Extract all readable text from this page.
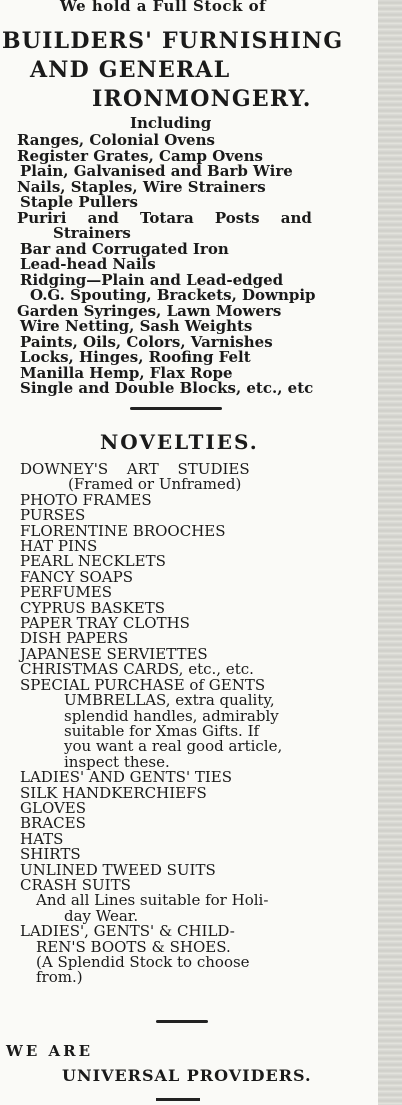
We hold a Full Stock of
BUILDERS' FURNISHING
AND GENERAL
IRONMONGERY.
Including
Ranges, Colonial Ovens
Register Grates, Camp Ovens
Plain, Galvanised and Barb Wire
Nails, Staples, Wire Strainers
Staple Pullers
Puriri and Totara Posts and
Strainers
Bar and Corrugated Iron
Lead-head Nails
Ridging—Plain and Lead-edged
O.G. Spouting, Brackets, Downpip
Garden Syringes, Lawn Mowers
Wire Netting, Sash Weights
Paints, Oils, Colors, Varnishes
Locks, Hinges, Roofing Felt
Manilla Hemp, Flax Rope
Single and Double Blocks, etc., etc
NOVELTIES.
DOWNEY'S ART STUDIES
(Framed or Unframed)
PHOTO FRAMES
PURSES
FLORENTINE BROOCHES
HAT PINS
PEARL NECKLETS
FANCY SOAPS
PERFUMES
CYPRUS BASKETS
PAPER TRAY CLOTHS
DISH PAPERS
JAPANESE SERVIETTES
CHRISTMAS CARDS, etc., etc.
SPECIAL PURCHASE of GENTS
UMBRELLAS, extra quality,
splendid handles, admirably
suitable for Xmas Gifts. If
you want a real good article,
inspect these.
LADIES' AND GENTS' TIES
SILK HANDKERCHIEFS
GLOVES
BRACES
HATS
SHIRTS
UNLINED TWEED SUITS
CRASH SUITS
And all Lines suitable for Holi-
day Wear.
LADIES', GENTS' & CHILD-
REN'S BOOTS & SHOES.
(A Splendid Stock to choose
from.)
WE ARE
UNIVERSAL PROVIDERS.
